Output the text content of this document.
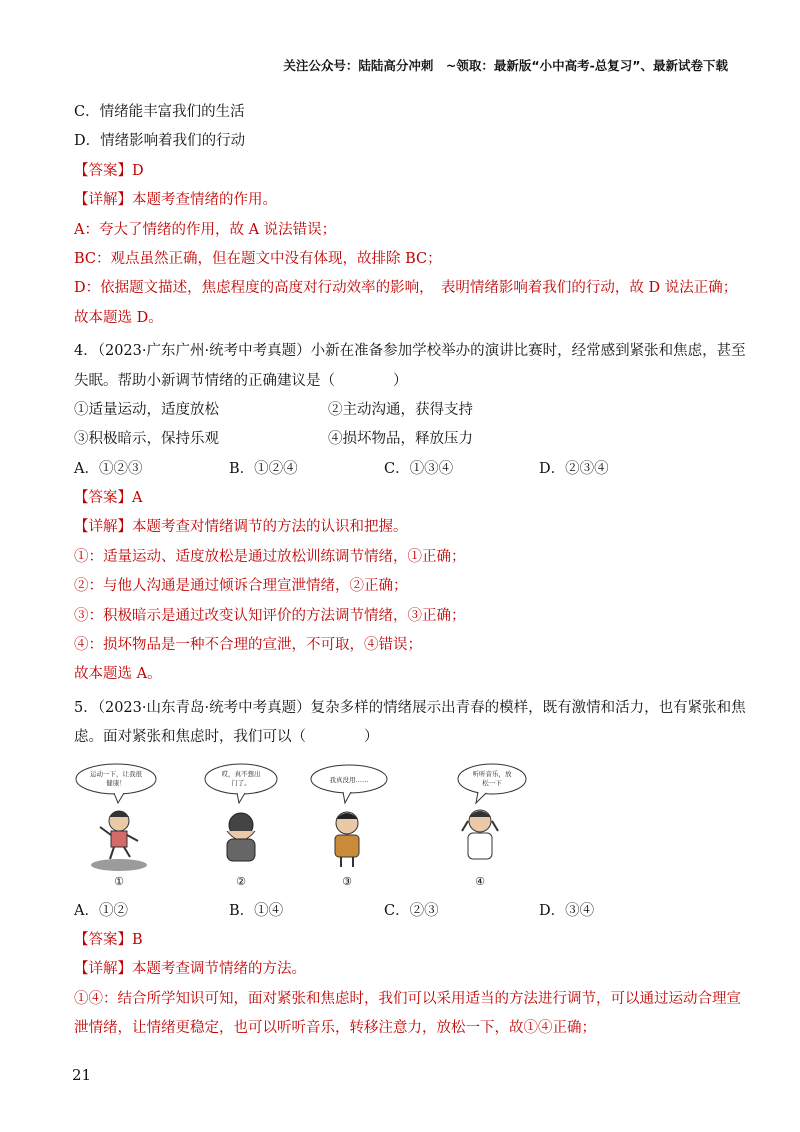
关注公众号：陆陆高分冲刺　~领取：最新版“小中高考-总复习”、最新试卷下载
C．情绪能丰富我们的生活
D．情绪影响着我们的行动
【答案】D
【详解】本题考查情绪的作用。
A：夸大了情绪的作用，故 A 说法错误；
BC：观点虽然正确，但在题文中没有体现，故排除 BC；
D：依据题文描述，焦虑程度的高度对行动效率的影响，　表明情绪影响着我们的行动，故 D 说法正确；
故本题选 D。
4．（2023·广东广州·统考中考真题）小新在准备参加学校举办的演讲比赛时，经常感到紧张和焦虑，甚至
失眠。帮助小新调节情绪的正确建议是（　　　　）
①适量运动，适度放松	②主动沟通，获得支持
③积极暗示，保持乐观	④损坏物品，释放压力
A．①②③	B．①②④	C．①③④	D．②③④
【答案】A
【详解】本题考查对情绪调节的方法的认识和把握。
①：适量运动、适度放松是通过放松训练调节情绪，①正确；
②：与他人沟通是通过倾诉合理宣泄情绪，②正确；
③：积极暗示是通过改变认知评价的方法调节情绪，③正确；
④：损坏物品是一种不合理的宣泄，不可取，④错误；
故本题选 A。
5．（2023·山东青岛·统考中考真题）复杂多样的情绪展示出青春的模样，既有激情和活力，也有紧张和焦
虑。面对紧张和焦虑时，我们可以（　　　　）
运动一下，让我很
健康！
①
哎，真不想出
门了。
②
我真没用……
③
听听音乐，放
松一下
④
A．①②	B．①④	C．②③	D．③④
【答案】B
【详解】本题考查调节情绪的方法。
①④：结合所学知识可知，面对紧张和焦虑时，我们可以采用适当的方法进行调节，可以通过运动合理宣
泄情绪，让情绪更稳定，也可以听听音乐，转移注意力，放松一下，故①④正确；
21
